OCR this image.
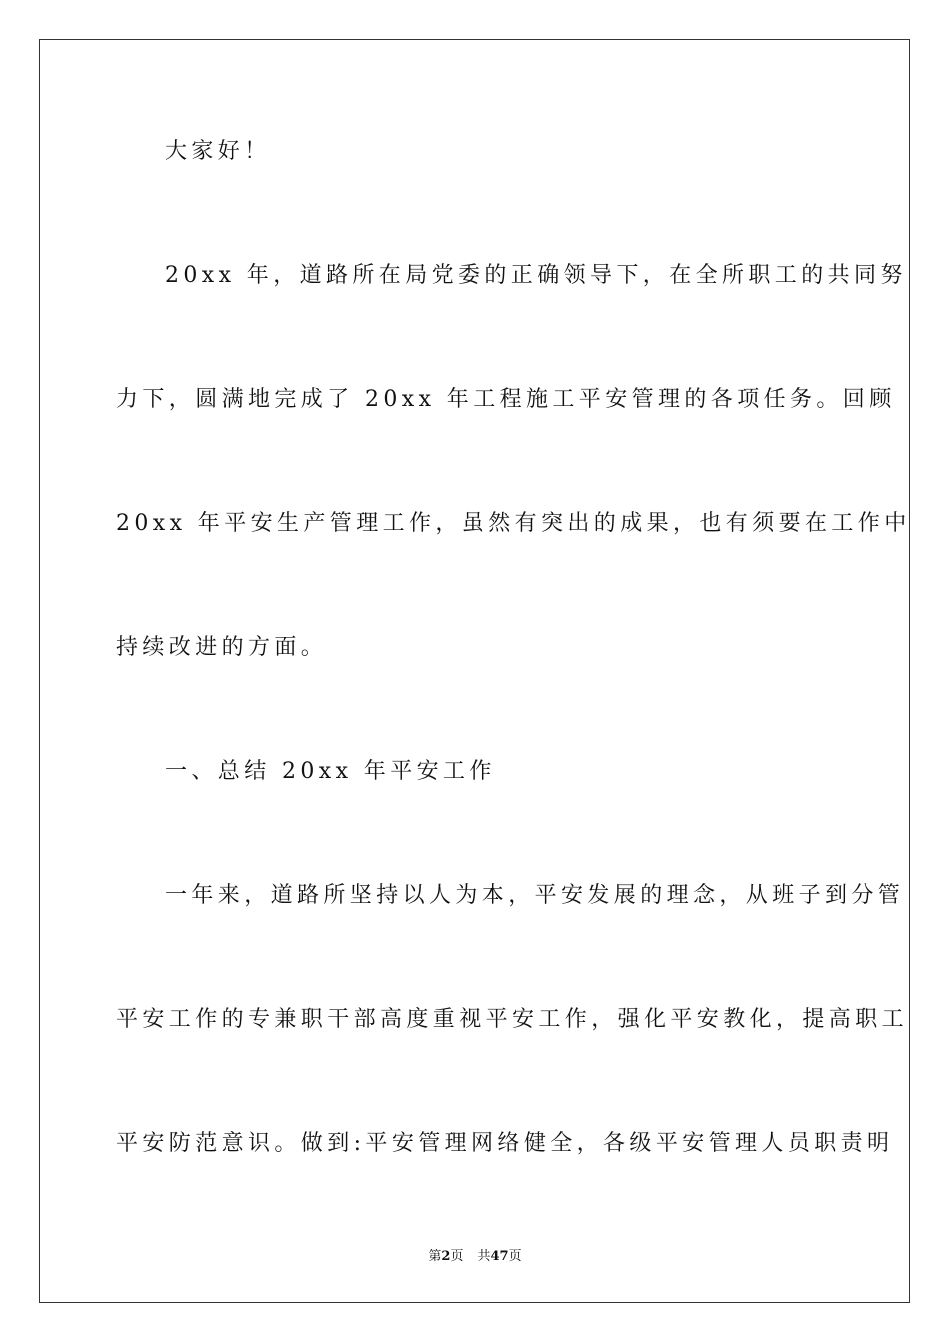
大家好！
20xx 年，道路所在局党委的正确领导下，在全所职工的共同努
力下，圆满地完成了 20xx 年工程施工平安管理的各项任务。回顾
20xx 年平安生产管理工作，虽然有突出的成果，也有须要在工作中
持续改进的方面。
一、总结 20xx 年平安工作
一年来，道路所坚持以人为本，平安发展的理念，从班子到分管
平安工作的专兼职干部高度重视平安工作，强化平安教化，提高职工
平安防范意识。做到:平安管理网络健全，各级平安管理人员职责明
第2页 共47页
